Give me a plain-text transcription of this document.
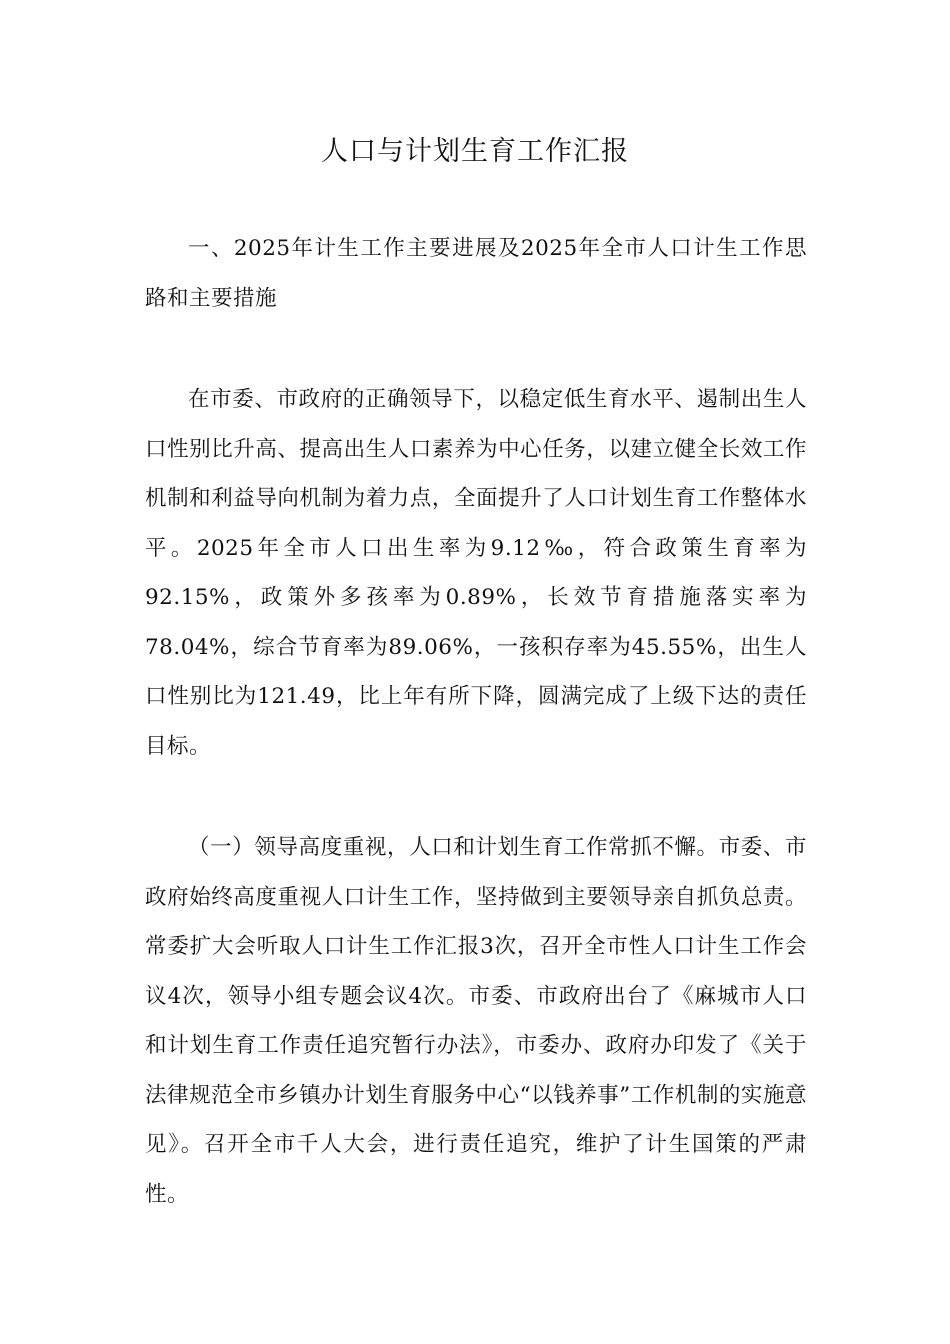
人口与计划生育工作汇报

一、2025年计生工作主要进展及2025年全市人口计生工作思路和主要措施

在市委、市政府的正确领导下，以稳定低生育水平、遏制出生人口性别比升高、提高出生人口素养为中心任务，以建立健全长效工作机制和利益导向机制为着力点，全面提升了人口计划生育工作整体水平。2025年全市人口出生率为9.12‰，符合政策生育率为92.15%，政策外多孩率为0.89%，长效节育措施落实率为78.04%，综合节育率为89.06%，一孩积存率为45.55%，出生人口性别比为121.49，比上年有所下降，圆满完成了上级下达的责任目标。

（一）领导高度重视，人口和计划生育工作常抓不懈。市委、市政府始终高度重视人口计生工作，坚持做到主要领导亲自抓负总责。常委扩大会听取人口计生工作汇报3次，召开全市性人口计生工作会议4次，领导小组专题会议4次。市委、市政府出台了《麻城市人口和计划生育工作责任追究暂行办法》，市委办、政府办印发了《关于法律规范全市乡镇办计划生育服务中心“以钱养事”工作机制的实施意见》。召开全市千人大会，进行责任追究，维护了计生国策的严肃性。
